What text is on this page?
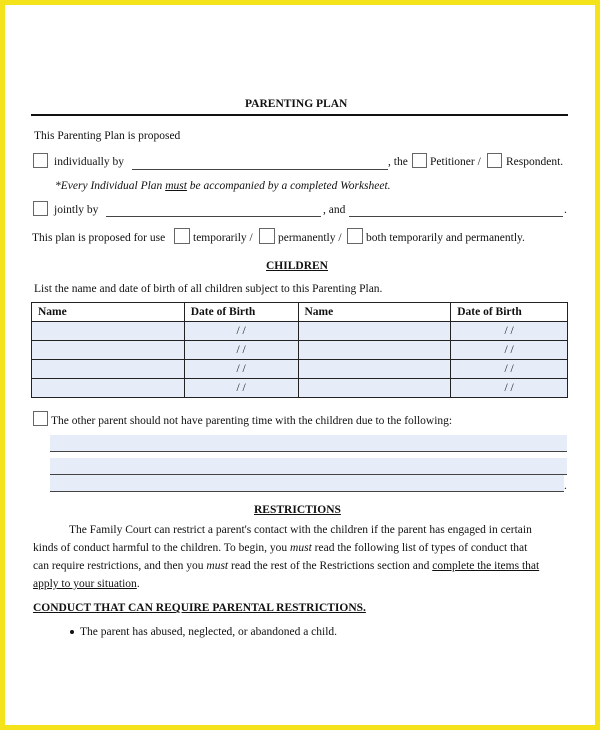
PARENTING PLAN
This Parenting Plan is proposed
individually by	, the Petitioner / Respondent.
*Every Individual Plan must be accompanied by a completed Worksheet.
jointly by	, and	.
This plan is proposed for use temporarily / permanently / both temporarily and permanently.
CHILDREN
List the name and date of birth of all children subject to this Parenting Plan.
Name	Date of Birth	Name	Date of Birth
	/ /		/ /
	/ /		/ /
	/ /		/ /
	/ /		/ /
The other parent should not have parenting time with the children due to the following:
.
RESTRICTIONS
The Family Court can restrict a parent's contact with the children if the parent has engaged in certain
kinds of conduct harmful to the children. To begin, you must read the following list of types of conduct that
can require restrictions, and then you must read the rest of the Restrictions section and complete the items that
apply to your situation.
CONDUCT THAT CAN REQUIRE PARENTAL RESTRICTIONS.
The parent has abused, neglected, or abandoned a child.
